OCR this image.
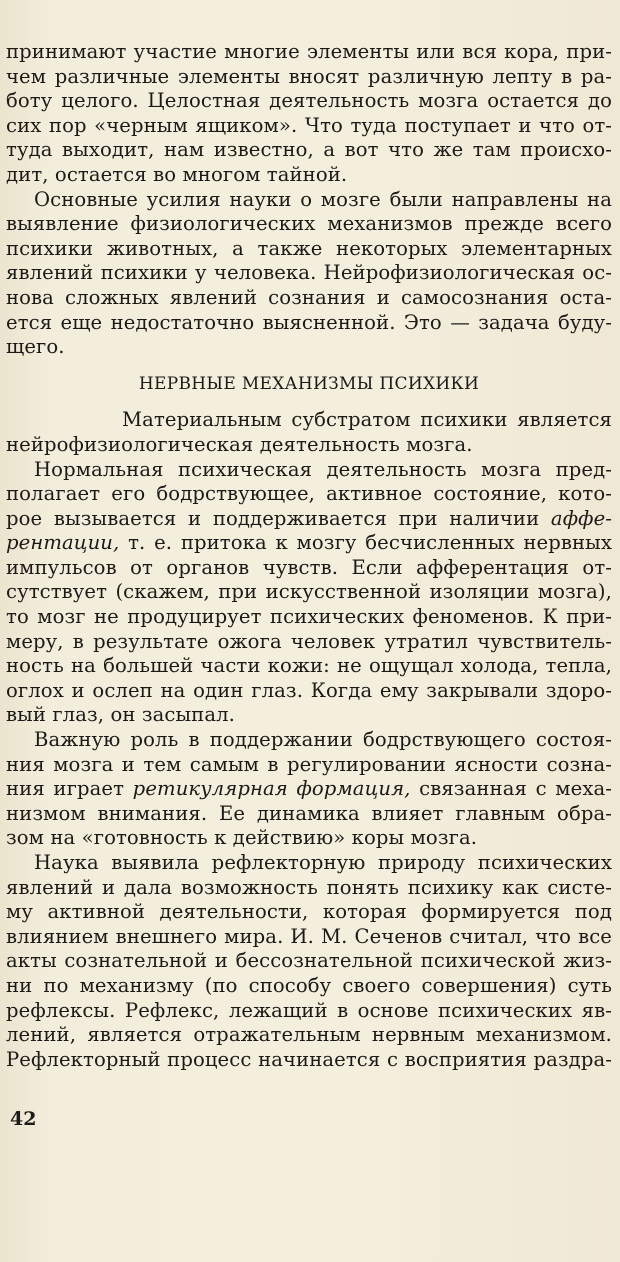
принимают участие многие элементы или вся кора, при-
чем различные элементы вносят различную лепту в ра-
боту целого. Целостная деятельность мозга остается до
сих пор «черным ящиком». Что туда поступает и что от-
туда выходит, нам известно, а вот что же там происхо-
дит, остается во многом тайной.
Основные усилия науки о мозге были направлены на
выявление физиологических механизмов прежде всего
психики животных, а также некоторых элементарных
явлений психики у человека. Нейрофизиологическая ос-
нова сложных явлений сознания и самосознания оста-
ется еще недостаточно выясненной. Это — задача буду-
щего.
НЕРВНЫЕ МЕХАНИЗМЫ ПСИХИКИ
Материальным субстратом психики является
нейрофизиологическая деятельность мозга.
Нормальная психическая деятельность мозга пред-
полагает его бодрствующее, активное состояние, кото-
рое вызывается и поддерживается при наличии аффе-
рентации, т. е. притока к мозгу бесчисленных нервных
импульсов от органов чувств. Если афферентация от-
сутствует (скажем, при искусственной изоляции мозга),
то мозг не продуцирует психических феноменов. К при-
меру, в результате ожога человек утратил чувствитель-
ность на большей части кожи: не ощущал холода, тепла,
оглох и ослеп на один глаз. Когда ему закрывали здоро-
вый глаз, он засыпал.
Важную роль в поддержании бодрствующего состоя-
ния мозга и тем самым в регулировании ясности созна-
ния играет ретикулярная формация, связанная с меха-
низмом внимания. Ее динамика влияет главным обра-
зом на «готовность к действию» коры мозга.
Наука выявила рефлекторную природу психических
явлений и дала возможность понять психику как систе-
му активной деятельности, которая формируется под
влиянием внешнего мира. И. М. Сеченов считал, что все
акты сознательной и бессознательной психической жиз-
ни по механизму (по способу своего совершения) суть
рефлексы. Рефлекс, лежащий в основе психических яв-
лений, является отражательным нервным механизмом.
Рефлекторный процесс начинается с восприятия раздра-
42
